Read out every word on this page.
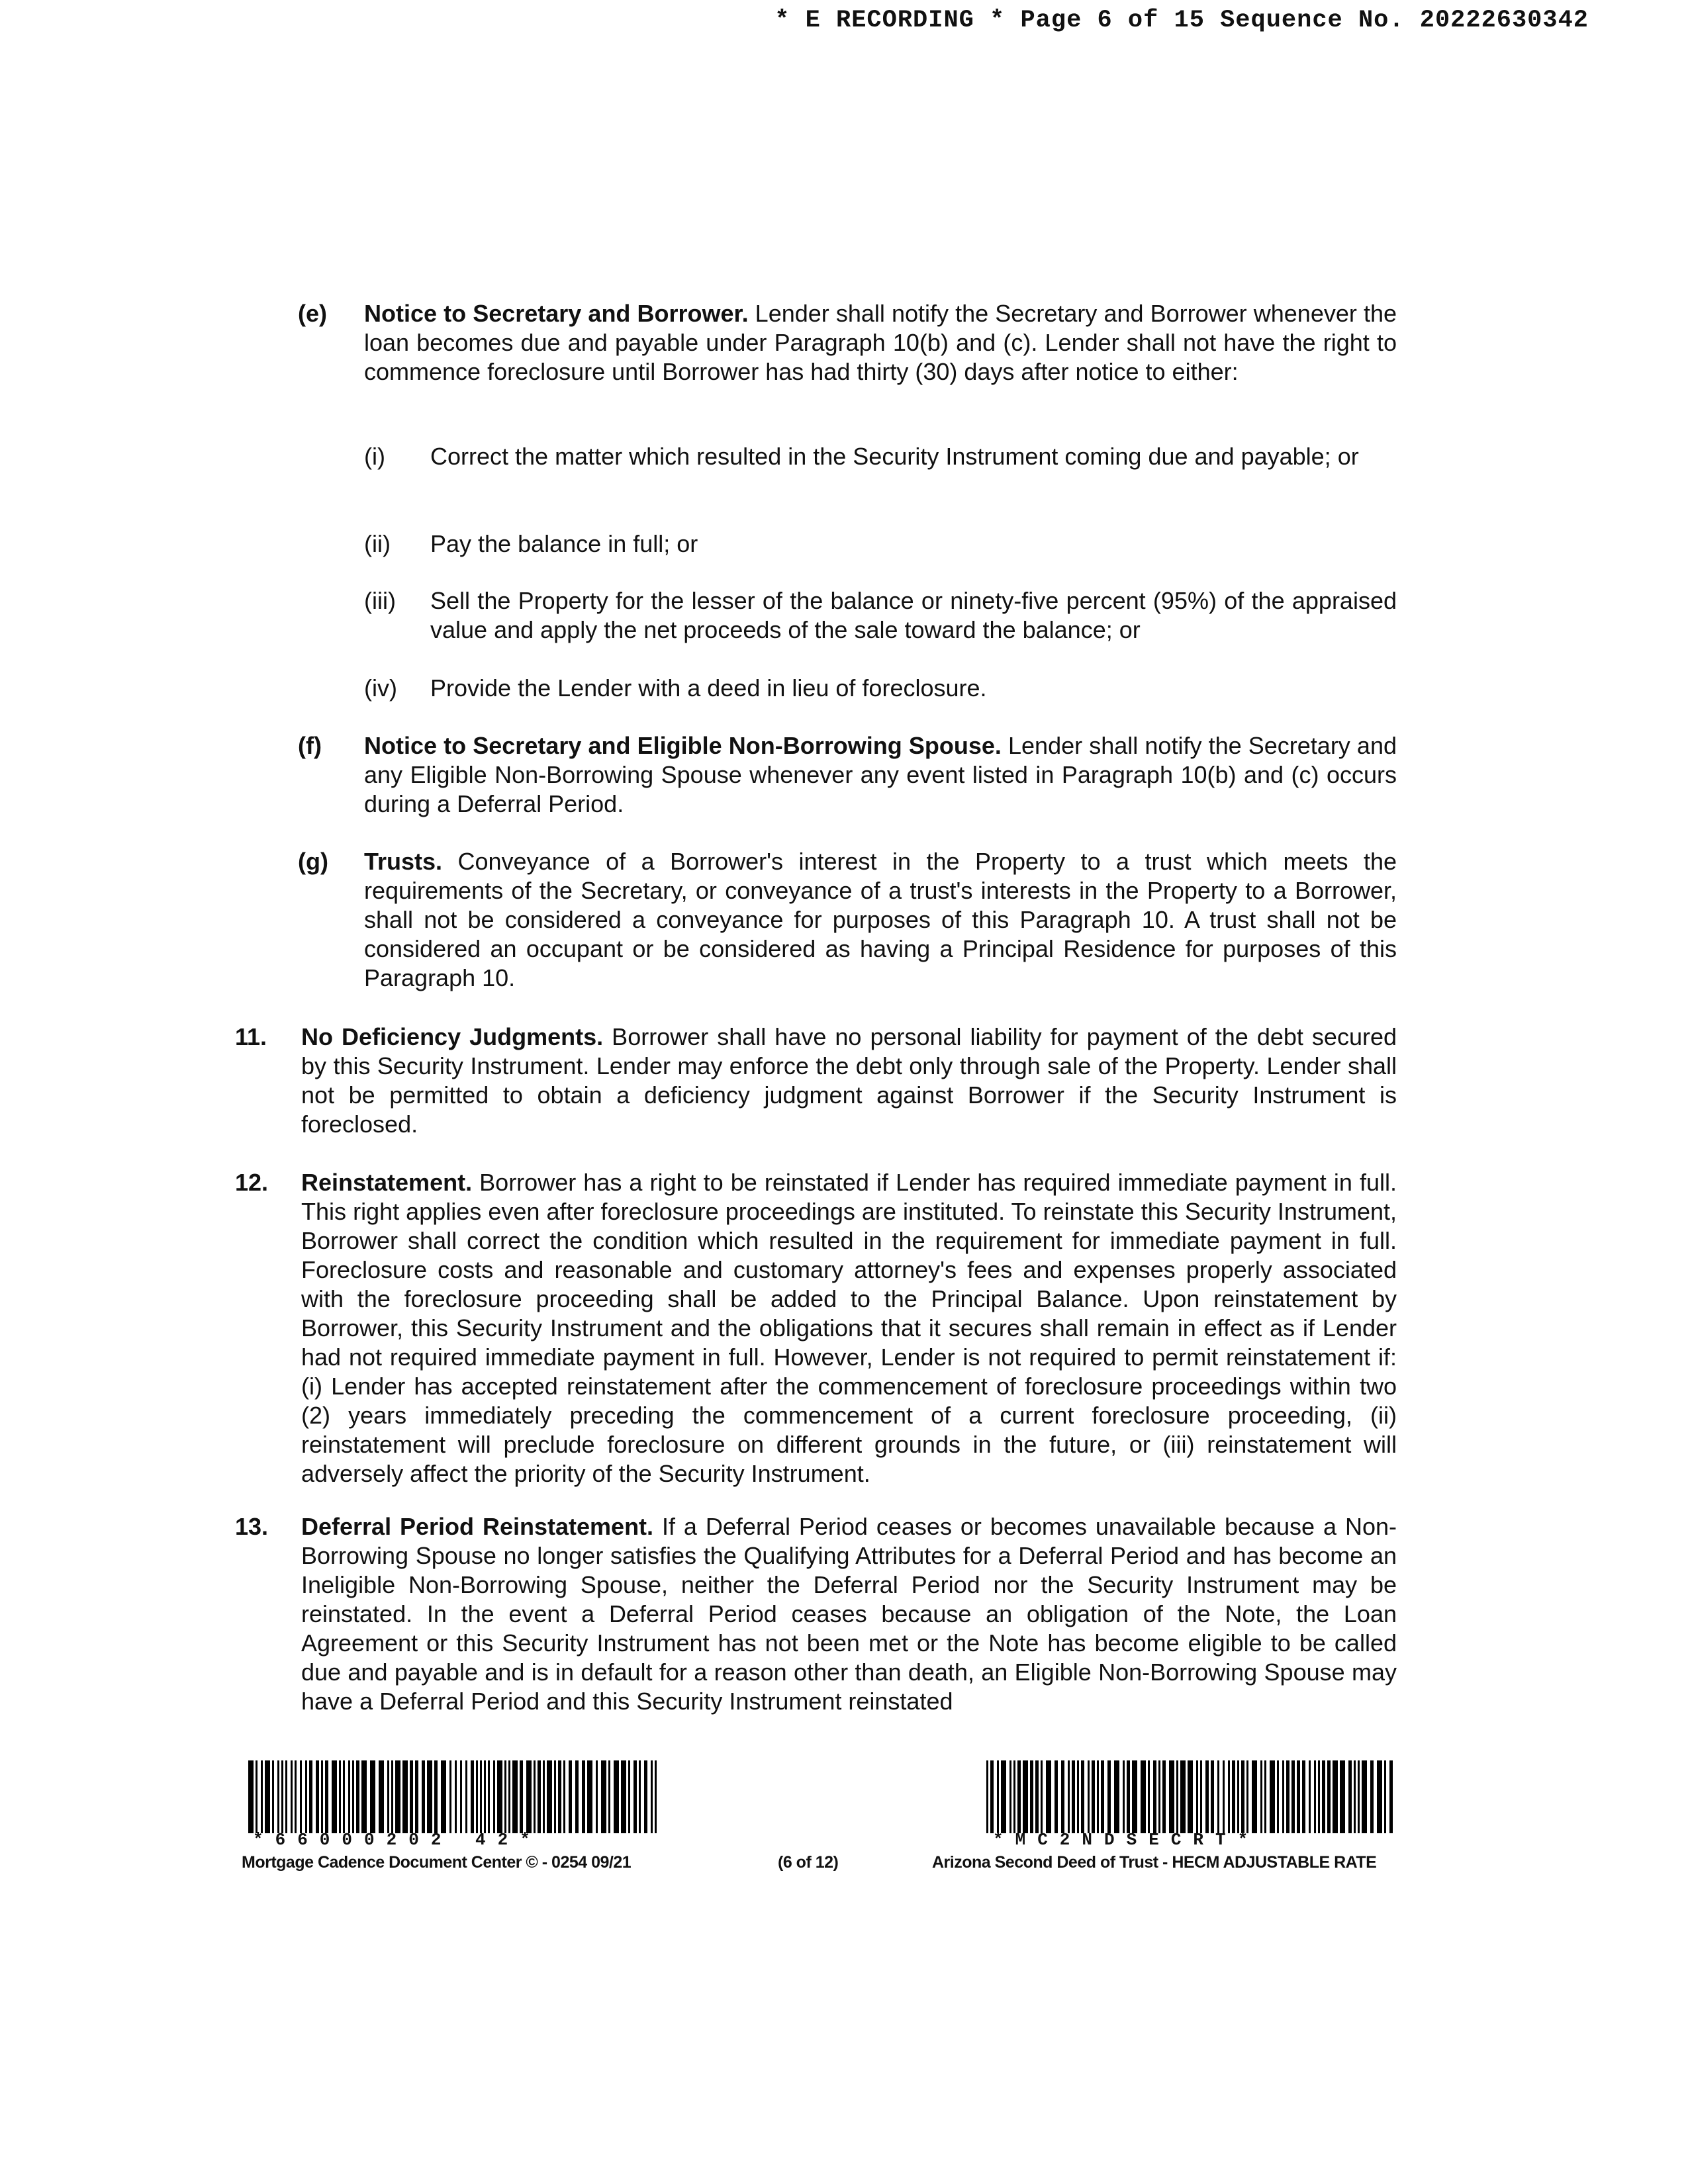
* E RECORDING * Page 6 of 15 Sequence No. 20222630342
(e) Notice to Secretary and Borrower. Lender shall notify the Secretary and Borrower whenever the loan becomes due and payable under Paragraph 10(b) and (c). Lender shall not have the right to commence foreclosure until Borrower has had thirty (30) days after notice to either:
(i) Correct the matter which resulted in the Security Instrument coming due and payable; or
(ii) Pay the balance in full; or
(iii) Sell the Property for the lesser of the balance or ninety-five percent (95%) of the appraised value and apply the net proceeds of the sale toward the balance; or
(iv) Provide the Lender with a deed in lieu of foreclosure.
(f) Notice to Secretary and Eligible Non-Borrowing Spouse. Lender shall notify the Secretary and any Eligible Non-Borrowing Spouse whenever any event listed in Paragraph 10(b) and (c) occurs during a Deferral Period.
(g) Trusts. Conveyance of a Borrower's interest in the Property to a trust which meets the requirements of the Secretary, or conveyance of a trust's interests in the Property to a Borrower, shall not be considered a conveyance for purposes of this Paragraph 10. A trust shall not be considered an occupant or be considered as having a Principal Residence for purposes of this Paragraph 10.
11. No Deficiency Judgments. Borrower shall have no personal liability for payment of the debt secured by this Security Instrument. Lender may enforce the debt only through sale of the Property. Lender shall not be permitted to obtain a deficiency judgment against Borrower if the Security Instrument is foreclosed.
12. Reinstatement. Borrower has a right to be reinstated if Lender has required immediate payment in full. This right applies even after foreclosure proceedings are instituted. To reinstate this Security Instrument, Borrower shall correct the condition which resulted in the requirement for immediate payment in full. Foreclosure costs and reasonable and customary attorney's fees and expenses properly associated with the foreclosure proceeding shall be added to the Principal Balance. Upon reinstatement by Borrower, this Security Instrument and the obligations that it secures shall remain in effect as if Lender had not required immediate payment in full. However, Lender is not required to permit reinstatement if: (i) Lender has accepted reinstatement after the commencement of foreclosure proceedings within two (2) years immediately preceding the commencement of a current foreclosure proceeding, (ii) reinstatement will preclude foreclosure on different grounds in the future, or (iii) reinstatement will adversely affect the priority of the Security Instrument.
13. Deferral Period Reinstatement. If a Deferral Period ceases or becomes unavailable because a Non-Borrowing Spouse no longer satisfies the Qualifying Attributes for a Deferral Period and has become an Ineligible Non-Borrowing Spouse, neither the Deferral Period nor the Security Instrument may be reinstated. In the event a Deferral Period ceases because an obligation of the Note, the Loan Agreement or this Security Instrument has not been met or the Note has become eligible to be called due and payable and is in default for a reason other than death, an Eligible Non-Borrowing Spouse may have a Deferral Period and this Security Instrument reinstated
*66000202 42*
Mortgage Cadence Document Center © - 0254 09/21	(6 of 12)
*MC2NDSECRT*
Arizona Second Deed of Trust - HECM ADJUSTABLE RATE
